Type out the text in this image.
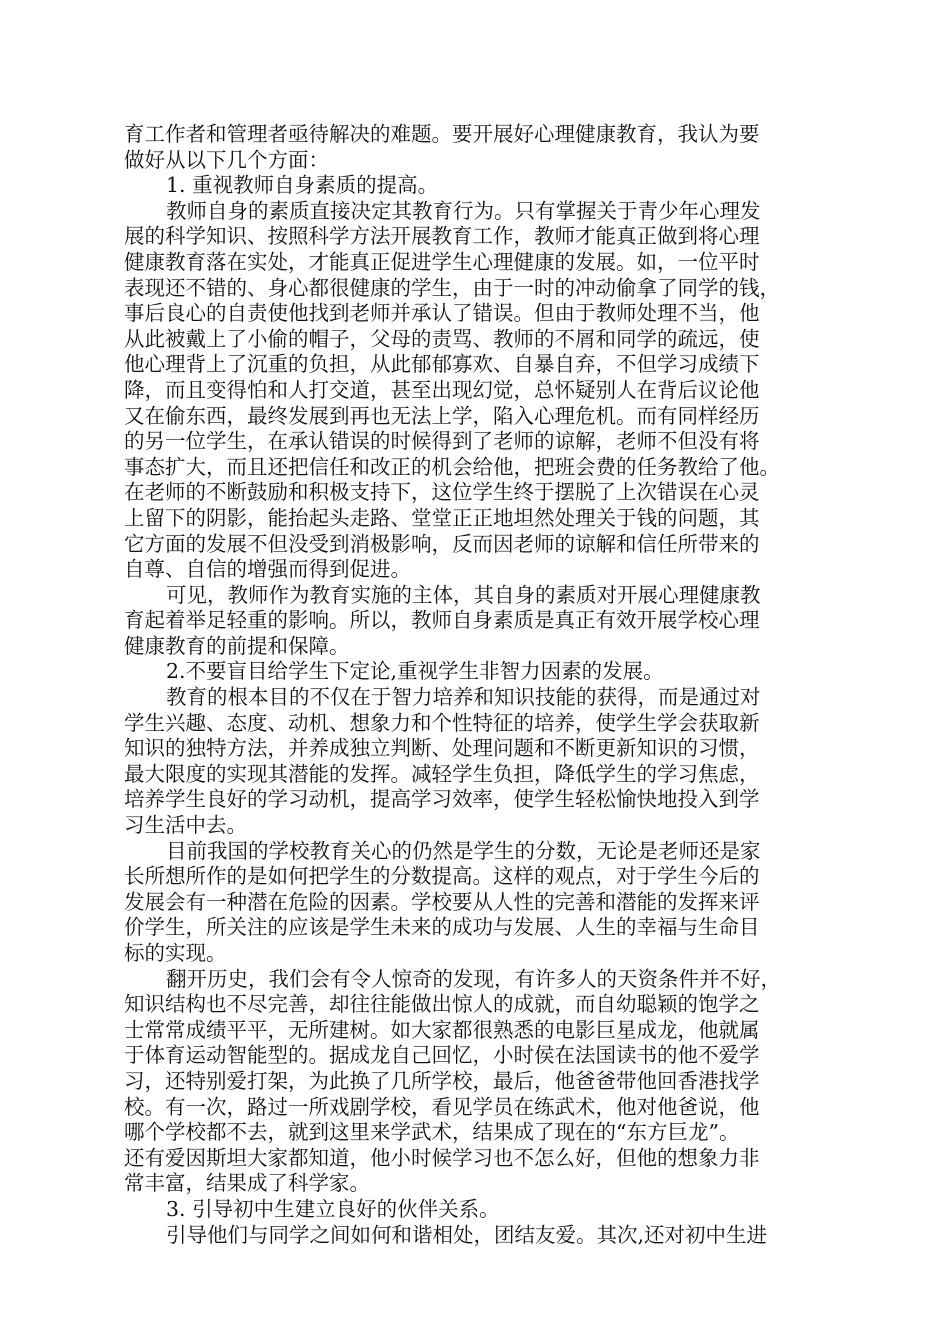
育工作者和管理者亟待解决的难题。要开展好心理健康教育，我认为要
做好从以下几个方面：
1. 重视教师自身素质的提高。
教师自身的素质直接决定其教育行为。只有掌握关于青少年心理发
展的科学知识、按照科学方法开展教育工作，教师才能真正做到将心理
健康教育落在实处，才能真正促进学生心理健康的发展。如，一位平时
表现还不错的、身心都很健康的学生，由于一时的冲动偷拿了同学的钱，
事后良心的自责使他找到老师并承认了错误。但由于教师处理不当，他
从此被戴上了小偷的帽子，父母的责骂、教师的不屑和同学的疏远，使
他心理背上了沉重的负担，从此郁郁寡欢、自暴自弃，不但学习成绩下
降，而且变得怕和人打交道，甚至出现幻觉，总怀疑别人在背后议论他
又在偷东西，最终发展到再也无法上学，陷入心理危机。而有同样经历
的另一位学生，在承认错误的时候得到了老师的谅解，老师不但没有将
事态扩大，而且还把信任和改正的机会给他，把班会费的任务教给了他。
在老师的不断鼓励和积极支持下，这位学生终于摆脱了上次错误在心灵
上留下的阴影，能抬起头走路、堂堂正正地坦然处理关于钱的问题，其
它方面的发展不但没受到消极影响，反而因老师的谅解和信任所带来的
自尊、自信的增强而得到促进。
可见，教师作为教育实施的主体，其自身的素质对开展心理健康教
育起着举足轻重的影响。所以，教师自身素质是真正有效开展学校心理
健康教育的前提和保障。
2.不要盲目给学生下定论,重视学生非智力因素的发展。
教育的根本目的不仅在于智力培养和知识技能的获得，而是通过对
学生兴趣、态度、动机、想象力和个性特征的培养，使学生学会获取新
知识的独特方法，并养成独立判断、处理问题和不断更新知识的习惯，
最大限度的实现其潜能的发挥。减轻学生负担，降低学生的学习焦虑，
培养学生良好的学习动机，提高学习效率，使学生轻松愉快地投入到学
习生活中去。
目前我国的学校教育关心的仍然是学生的分数，无论是老师还是家
长所想所作的是如何把学生的分数提高。这样的观点，对于学生今后的
发展会有一种潜在危险的因素。学校要从人性的完善和潜能的发挥来评
价学生，所关注的应该是学生未来的成功与发展、人生的幸福与生命目
标的实现。
翻开历史，我们会有令人惊奇的发现，有许多人的天资条件并不好，
知识结构也不尽完善，却往往能做出惊人的成就，而自幼聪颖的饱学之
士常常成绩平平，无所建树。如大家都很熟悉的电影巨星成龙，他就属
于体育运动智能型的。据成龙自己回忆，小时侯在法国读书的他不爱学
习，还特别爱打架，为此换了几所学校，最后，他爸爸带他回香港找学
校。有一次，路过一所戏剧学校，看见学员在练武术，他对他爸说，他
哪个学校都不去，就到这里来学武术，结果成了现在的“东方巨龙”。
还有爱因斯坦大家都知道，他小时候学习也不怎么好，但他的想象力非
常丰富，结果成了科学家。
3. 引导初中生建立良好的伙伴关系。
引导他们与同学之间如何和谐相处，团结友爱。其次,还对初中生进
